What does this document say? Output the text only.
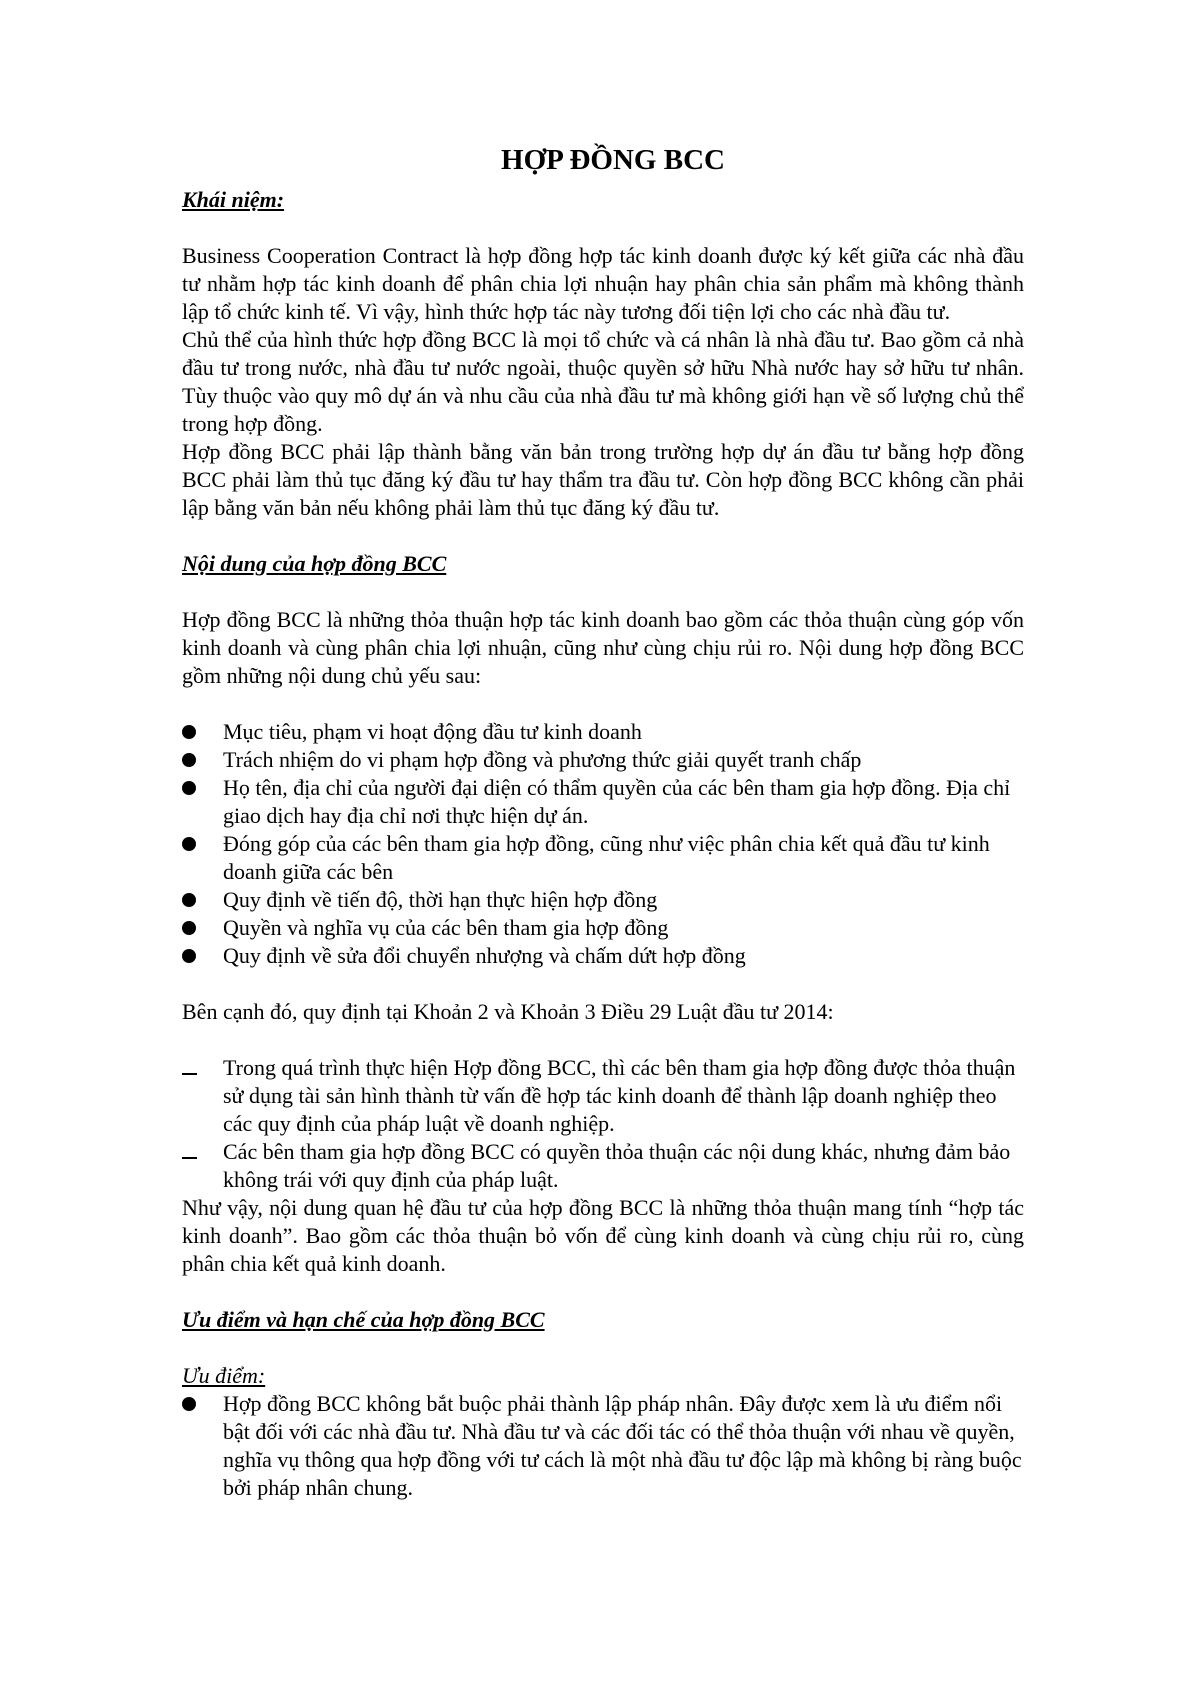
HỢP ĐỒNG BCC

Khái niệm:

Business Cooperation Contract là hợp đồng hợp tác kinh doanh được ký kết giữa các nhà đầu tư nhằm hợp tác kinh doanh để phân chia lợi nhuận hay phân chia sản phẩm mà không thành lập tổ chức kinh tế. Vì vậy, hình thức hợp tác này tương đối tiện lợi cho các nhà đầu tư.

Chủ thể của hình thức hợp đồng BCC là mọi tổ chức và cá nhân là nhà đầu tư. Bao gồm cả nhà đầu tư trong nước, nhà đầu tư nước ngoài, thuộc quyền sở hữu Nhà nước hay sở hữu tư nhân. Tùy thuộc vào quy mô dự án và nhu cầu của nhà đầu tư mà không giới hạn về số lượng chủ thể trong hợp đồng.

Hợp đồng BCC phải lập thành bằng văn bản trong trường hợp dự án đầu tư bằng hợp đồng BCC phải làm thủ tục đăng ký đầu tư hay thẩm tra đầu tư. Còn hợp đồng BCC không cần phải lập bằng văn bản nếu không phải làm thủ tục đăng ký đầu tư.

Nội dung của hợp đồng BCC

Hợp đồng BCC là những thỏa thuận hợp tác kinh doanh bao gồm các thỏa thuận cùng góp vốn kinh doanh và cùng phân chia lợi nhuận, cũng như cùng chịu rủi ro. Nội dung hợp đồng BCC gồm những nội dung chủ yếu sau:

Mục tiêu, phạm vi hoạt động đầu tư kinh doanh
Trách nhiệm do vi phạm hợp đồng và phương thức giải quyết tranh chấp
Họ tên, địa chỉ của người đại diện có thẩm quyền của các bên tham gia hợp đồng. Địa chỉ giao dịch hay địa chỉ nơi thực hiện dự án.
Đóng góp của các bên tham gia hợp đồng, cũng như việc phân chia kết quả đầu tư kinh doanh giữa các bên
Quy định về tiến độ, thời hạn thực hiện hợp đồng
Quyền và nghĩa vụ của các bên tham gia hợp đồng
Quy định về sửa đổi chuyển nhượng và chấm dứt hợp đồng

Bên cạnh đó, quy định tại Khoản 2 và Khoản 3 Điều 29 Luật đầu tư 2014:

Trong quá trình thực hiện Hợp đồng BCC, thì các bên tham gia hợp đồng được thỏa thuận sử dụng tài sản hình thành từ vấn đề hợp tác kinh doanh để thành lập doanh nghiệp theo các quy định của pháp luật về doanh nghiệp.
Các bên tham gia hợp đồng BCC có quyền thỏa thuận các nội dung khác, nhưng đảm bảo không trái với quy định của pháp luật.

Như vậy, nội dung quan hệ đầu tư của hợp đồng BCC là những thỏa thuận mang tính “hợp tác kinh doanh”. Bao gồm các thỏa thuận bỏ vốn để cùng kinh doanh và cùng chịu rủi ro, cùng phân chia kết quả kinh doanh.

Ưu điểm và hạn chế của hợp đồng BCC

Ưu điểm:

Hợp đồng BCC không bắt buộc phải thành lập pháp nhân. Đây được xem là ưu điểm nổi bật đối với các nhà đầu tư. Nhà đầu tư và các đối tác có thể thỏa thuận với nhau về quyền, nghĩa vụ thông qua hợp đồng với tư cách là một nhà đầu tư độc lập mà không bị ràng buộc bởi pháp nhân chung.
